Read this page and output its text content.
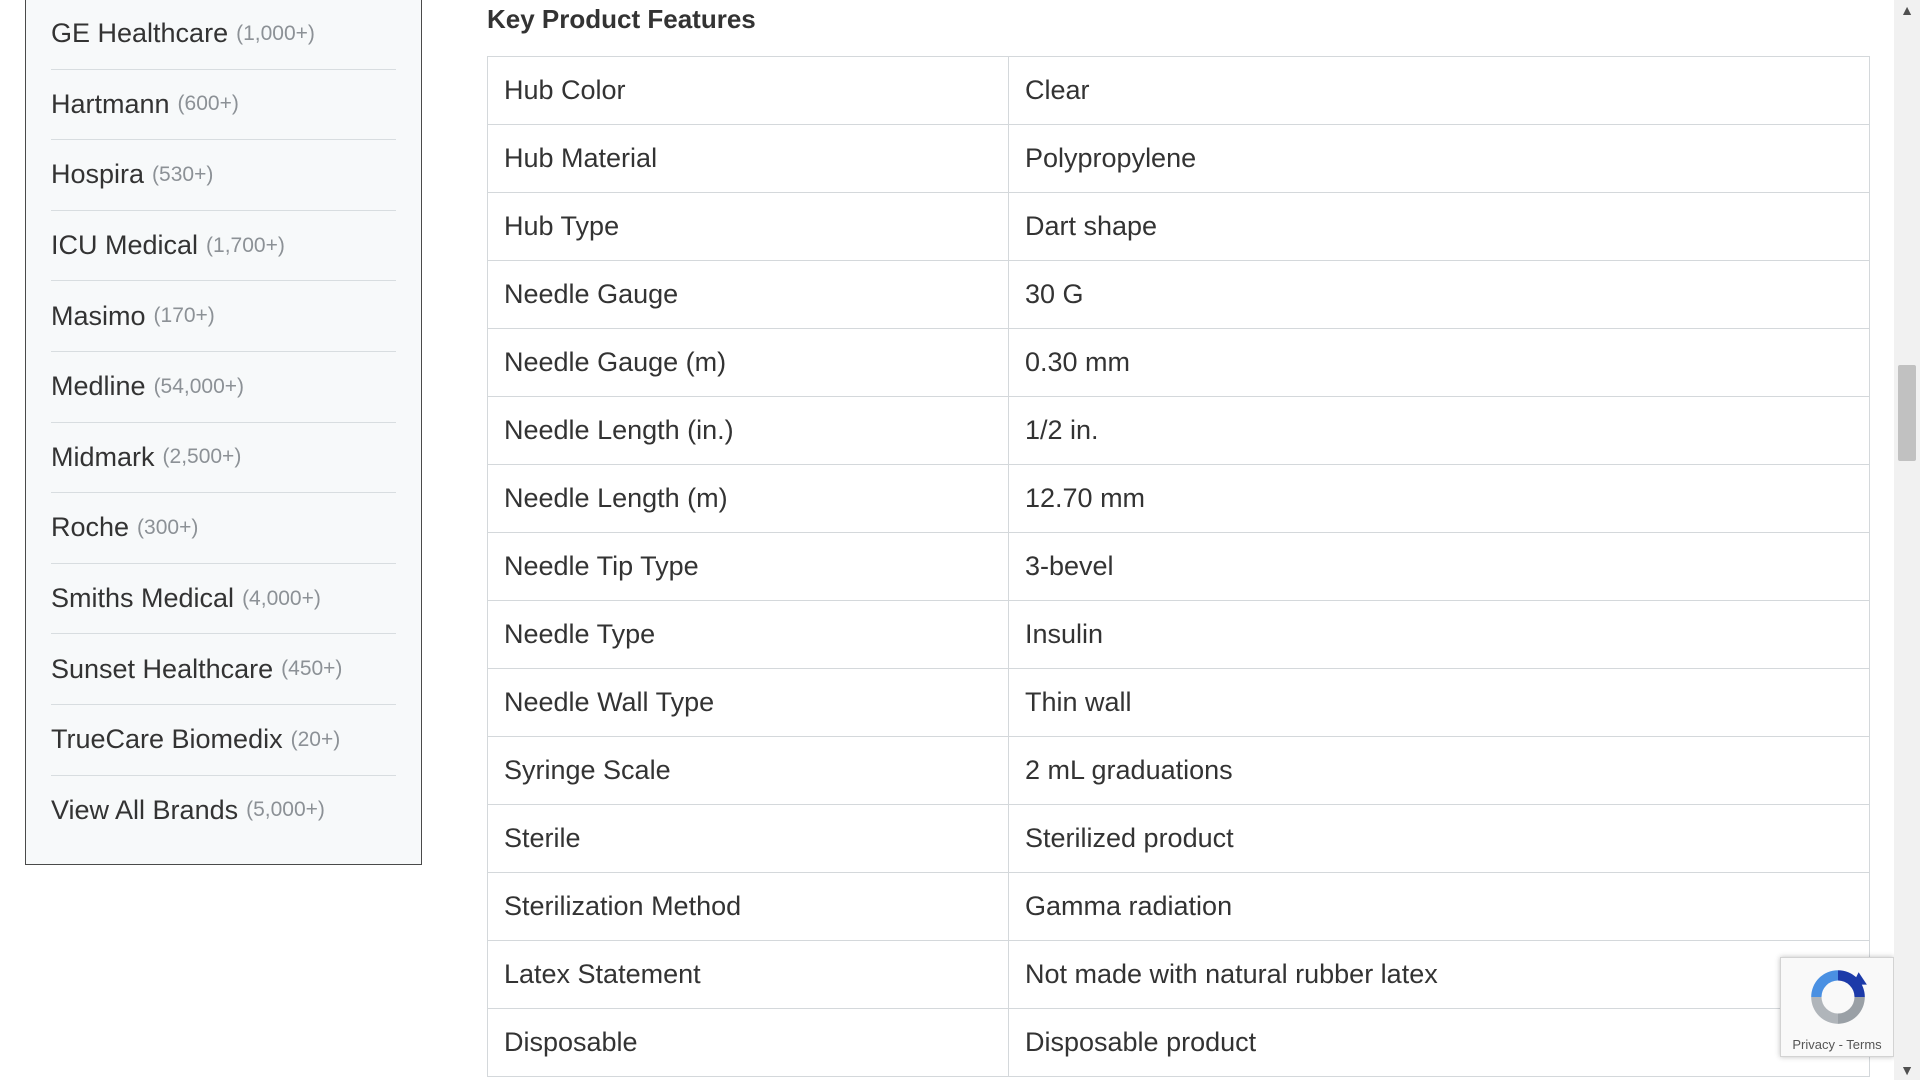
GE Healthcare (1,000+)
Hartmann (600+)
Hospira (530+)
ICU Medical (1,700+)
Masimo (170+)
Medline (54,000+)
Midmark (2,500+)
Roche (300+)
Smiths Medical (4,000+)
Sunset Healthcare (450+)
TrueCare Biomedix (20+)
View All Brands (5,000+)
Key Product Features
Hub Color	Clear
Hub Material	Polypropylene
Hub Type	Dart shape
Needle Gauge	30 G
Needle Gauge (m)	0.30 mm
Needle Length (in.)	1/2 in.
Needle Length (m)	12.70 mm
Needle Tip Type	3-bevel
Needle Type	Insulin
Needle Wall Type	Thin wall
Syringe Scale	2 mL graduations
Sterile	Sterilized product
Sterilization Method	Gamma radiation
Latex Statement	Not made with natural rubber latex
Disposable	Disposable product	Privacy - Terms
▲
▼
